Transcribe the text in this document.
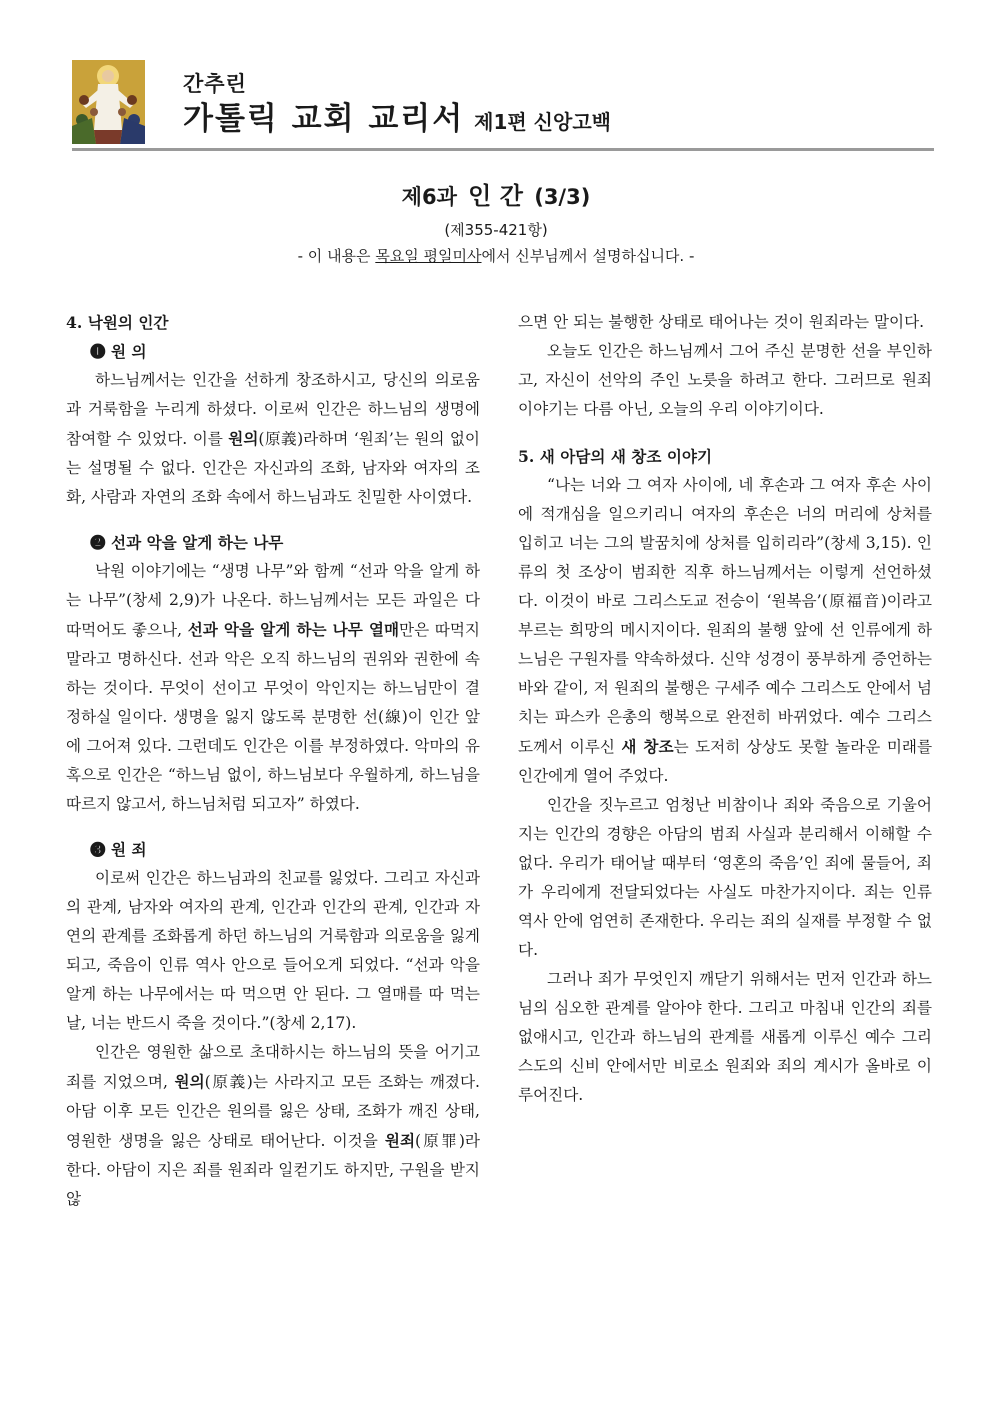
간추린
가톨릭 교회 교리서 제1편 신앙고백
제6과 인 간 (3/3)
(제355-421항)
- 이 내용은 목요일 평일미사에서 신부님께서 설명하십니다. -
4. 낙원의 인간
❶ 원 의

하느님께서는 인간을 선하게 창조하시고, 당신의 의로움과 거룩함을 누리게 하셨다. 이로써 인간은 하느님의 생명에 참여할 수 있었다. 이를 원의(原義)라하며 ‘원죄’는 원의 없이는 설명될 수 없다. 인간은 자신과의 조화, 남자와 여자의 조화, 사람과 자연의 조화 속에서 하느님과도 친밀한 사이였다.

❷ 선과 악을 알게 하는 나무

낙원 이야기에는 “생명 나무”와 함께 “선과 악을 알게 하는 나무”(창세 2,9)가 나온다. 하느님께서는 모든 과일은 다 따먹어도 좋으나, 선과 악을 알게 하는 나무 열매만은 따먹지 말라고 명하신다. 선과 악은 오직 하느님의 권위와 권한에 속하는 것이다. 무엇이 선이고 무엇이 악인지는 하느님만이 결정하실 일이다. 생명을 잃지 않도록 분명한 선(線)이 인간 앞에 그어져 있다. 그런데도 인간은 이를 부정하였다. 악마의 유혹으로 인간은 “하느님 없이, 하느님보다 우월하게, 하느님을 따르지 않고서, 하느님처럼 되고자” 하였다.

❸ 원 죄

이로써 인간은 하느님과의 친교를 잃었다. 그리고 자신과의 관계, 남자와 여자의 관계, 인간과 인간의 관계, 인간과 자연의 관계를 조화롭게 하던 하느님의 거룩함과 의로움을 잃게 되고, 죽음이 인류 역사 안으로 들어오게 되었다. “선과 악을 알게 하는 나무에서는 따 먹으면 안 된다. 그 열매를 따 먹는 날, 너는 반드시 죽을 것이다.”(창세 2,17).

인간은 영원한 삶으로 초대하시는 하느님의 뜻을 어기고 죄를 지었으며, 원의(原義)는 사라지고 모든 조화는 깨졌다. 아담 이후 모든 인간은 원의를 잃은 상태, 조화가 깨진 상태, 영원한 생명을 잃은 상태로 태어난다. 이것을 원죄(原罪)라 한다. 아담이 지은 죄를 원죄라 일컫기도 하지만, 구원을 받지 않

으면 안 되는 불행한 상태로 태어나는 것이 원죄라는 말이다.

오늘도 인간은 하느님께서 그어 주신 분명한 선을 부인하고, 자신이 선악의 주인 노릇을 하려고 한다. 그러므로 원죄 이야기는 다름 아닌, 오늘의 우리 이야기이다.

5. 새 아담의 새 창조 이야기

“나는 너와 그 여자 사이에, 네 후손과 그 여자 후손 사이에 적개심을 일으키리니 여자의 후손은 너의 머리에 상처를 입히고 너는 그의 발꿈치에 상처를 입히리라”(창세 3,15). 인류의 첫 조상이 범죄한 직후 하느님께서는 이렇게 선언하셨다. 이것이 바로 그리스도교 전승이 ‘원복음’(原福音)이라고 부르는 희망의 메시지이다. 원죄의 불행 앞에 선 인류에게 하느님은 구원자를 약속하셨다. 신약 성경이 풍부하게 증언하는 바와 같이, 저 원죄의 불행은 구세주 예수 그리스도 안에서 넘치는 파스카 은총의 행복으로 완전히 바뀌었다. 예수 그리스도께서 이루신 새 창조는 도저히 상상도 못할 놀라운 미래를 인간에게 열어 주었다.

인간을 짓누르고 엄청난 비참이나 죄와 죽음으로 기울어지는 인간의 경향은 아담의 범죄 사실과 분리해서 이해할 수 없다. 우리가 태어날 때부터 ‘영혼의 죽음’인 죄에 물들어, 죄가 우리에게 전달되었다는 사실도 마찬가지이다. 죄는 인류 역사 안에 엄연히 존재한다. 우리는 죄의 실재를 부정할 수 없다.

그러나 죄가 무엇인지 깨닫기 위해서는 먼저 인간과 하느님의 심오한 관계를 알아야 한다. 그리고 마침내 인간의 죄를 없애시고, 인간과 하느님의 관계를 새롭게 이루신 예수 그리스도의 신비 안에서만 비로소 원죄와 죄의 계시가 올바로 이루어진다.
